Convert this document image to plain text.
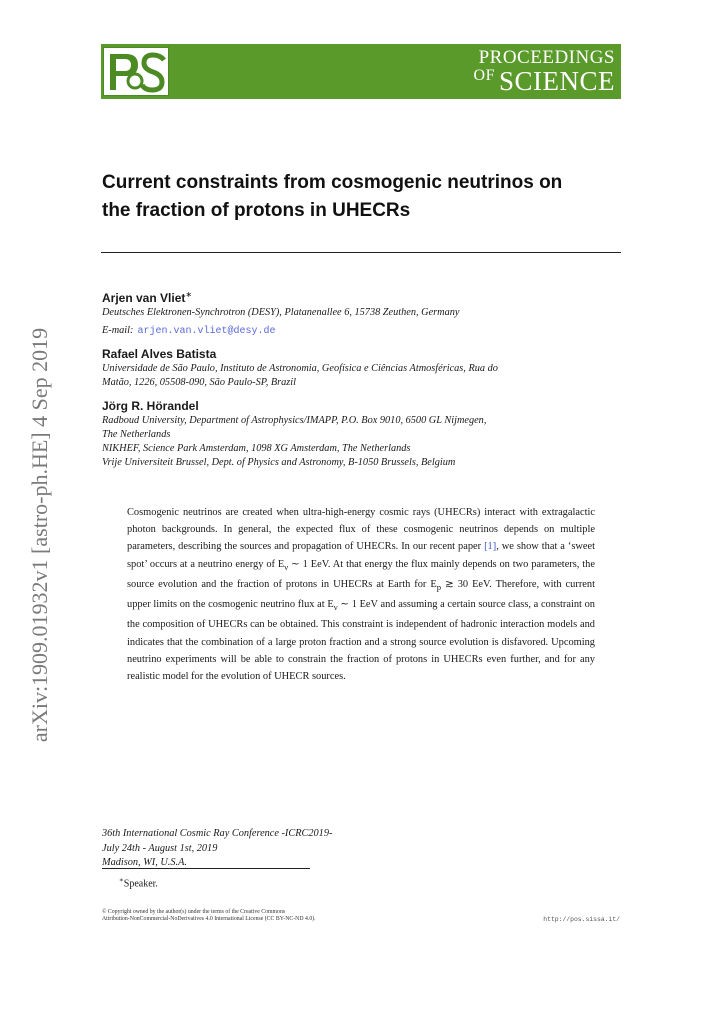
PROCEEDINGS
OF SCIENCE
arXiv:1909.01932v1 [astro-ph.HE] 4 Sep 2019
Current constraints from cosmogenic neutrinos on
the fraction of protons in UHECRs
Arjen van Vliet∗
Deutsches Elektronen-Synchrotron (DESY), Platanenallee 6, 15738 Zeuthen, Germany
E-mail: arjen.van.vliet@desy.de
Rafael Alves Batista
Universidade de São Paulo, Instituto de Astronomia, Geofísica e Ciências Atmosféricas, Rua do
Matão, 1226, 05508-090, São Paulo-SP, Brazil
Jörg R. Hörandel
Radboud University, Department of Astrophysics/IMAPP, P.O. Box 9010, 6500 GL Nijmegen,
The Netherlands
NIKHEF, Science Park Amsterdam, 1098 XG Amsterdam, The Netherlands
Vrije Universiteit Brussel, Dept. of Physics and Astronomy, B-1050 Brussels, Belgium
Cosmogenic neutrinos are created when ultra-high-energy cosmic rays (UHECRs) interact with extragalactic photon backgrounds. In general, the expected flux of these cosmogenic neutrinos depends on multiple parameters, describing the sources and propagation of UHECRs. In our recent paper [1], we show that a ‘sweet spot’ occurs at a neutrino energy of $E_\nu$ ∼ 1 EeV. At that energy the flux mainly depends on two parameters, the source evolution and the fraction of protons in UHECRs at Earth for $E_p$ ≳ 30 EeV. Therefore, with current upper limits on the cosmogenic neutrino flux at $E_\nu$ ∼ 1 EeV and assuming a certain source class, a constraint on the composition of UHECRs can be obtained. This constraint is independent of hadronic interaction models and indicates that the combination of a large proton fraction and a strong source evolution is disfavored. Upcoming neutrino experiments will be able to constrain the fraction of protons in UHECRs even further, and for any realistic model for the evolution of UHECR sources.
36th International Cosmic Ray Conference -ICRC2019-
July 24th - August 1st, 2019
Madison, WI, U.S.A.
∗Speaker.
© Copyright owned by the author(s) under the terms of the Creative Commons
Attribution-NonCommercial-NoDerivatives 4.0 International License (CC BY-NC-ND 4.0).	http://pos.sissa.it/
